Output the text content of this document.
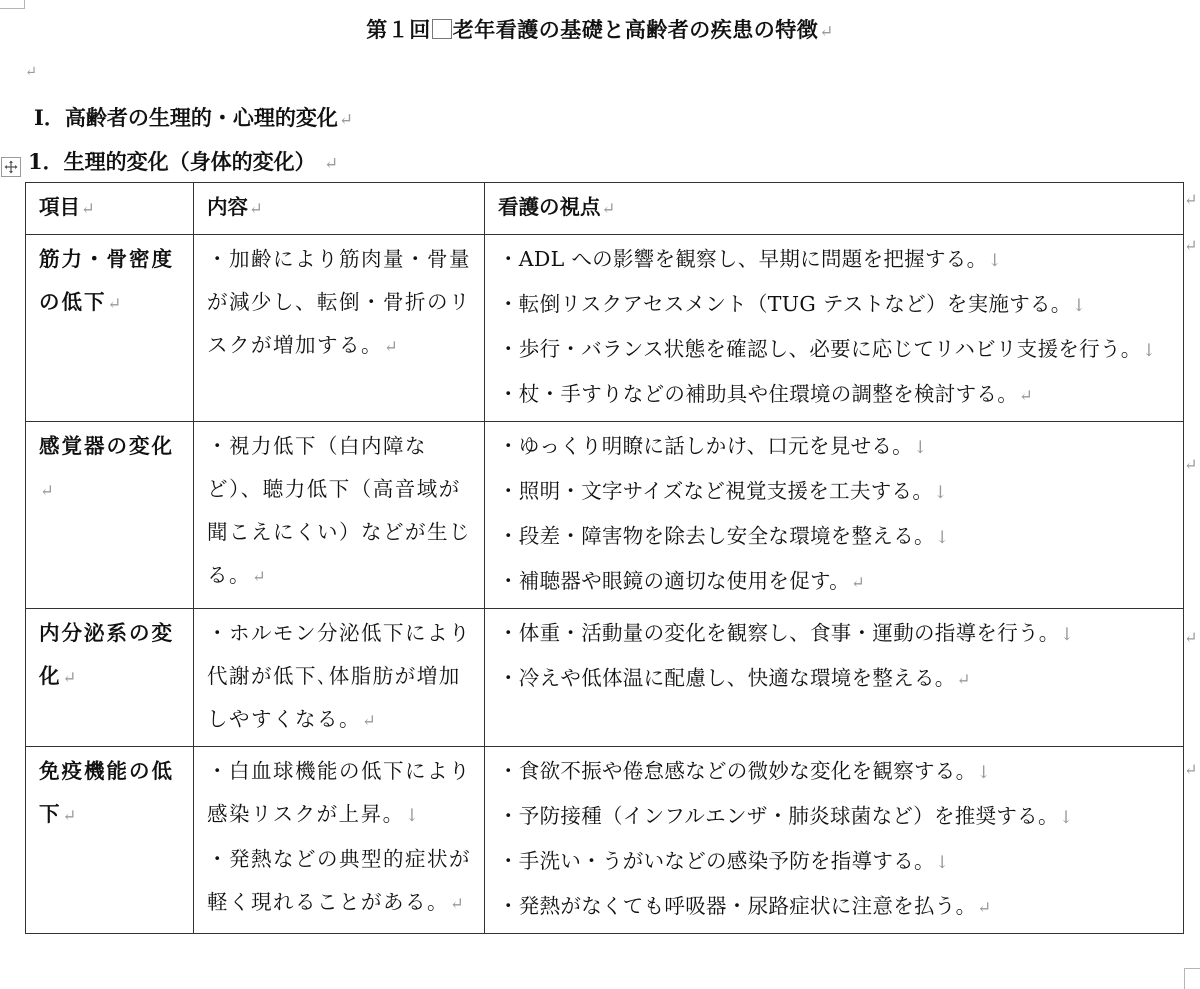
第１回 老年看護の基礎と高齢者の疾患の特徴↵
↵
Ⅰ．高齢者の生理的・心理的変化↵
1．生理的変化（身体的変化） ↵
項目↵	内容↵	看護の視点↵
筋力・骨密度の低下↵	・加齢により筋肉量・骨量が減少し、転倒・骨折のリスクが増加する。↵	・ADL への影響を観察し、早期に問題を把握する。↓
・転倒リスクアセスメント（TUG テストなど）を実施する。↓
・歩行・バランス状態を確認し、必要に応じてリハビリ支援を行う。↓
・杖・手すりなどの補助具や住環境の調整を検討する。↵

感覚器の変化↵	・視力低下（白内障など）、聴力低下（高音域が聞こえにくい）などが生じる。↵	・ゆっくり明瞭に話しかけ、口元を見せる。↓
・照明・文字サイズなど視覚支援を工夫する。↓
・段差・障害物を除去し安全な環境を整える。↓
・補聴器や眼鏡の適切な使用を促す。↵

内分泌系の変化↵	・ホルモン分泌低下により代謝が低下､体脂肪が増加しやすくなる。↵	・体重・活動量の変化を観察し、食事・運動の指導を行う。↓
・冷えや低体温に配慮し、快適な環境を整える。↵

免疫機能の低下↵	・白血球機能の低下により感染リスクが上昇。↓
・発熱などの典型的症状が軽く現れることがある。↵	・食欲不振や倦怠感などの微妙な変化を観察する。↓
・予防接種（インフルエンザ・肺炎球菌など）を推奨する。↓
・手洗い・うがいなどの感染予防を指導する。↓
・発熱がなくても呼吸器・尿路症状に注意を払う。↵
↵
↵
↵
↵
↵
